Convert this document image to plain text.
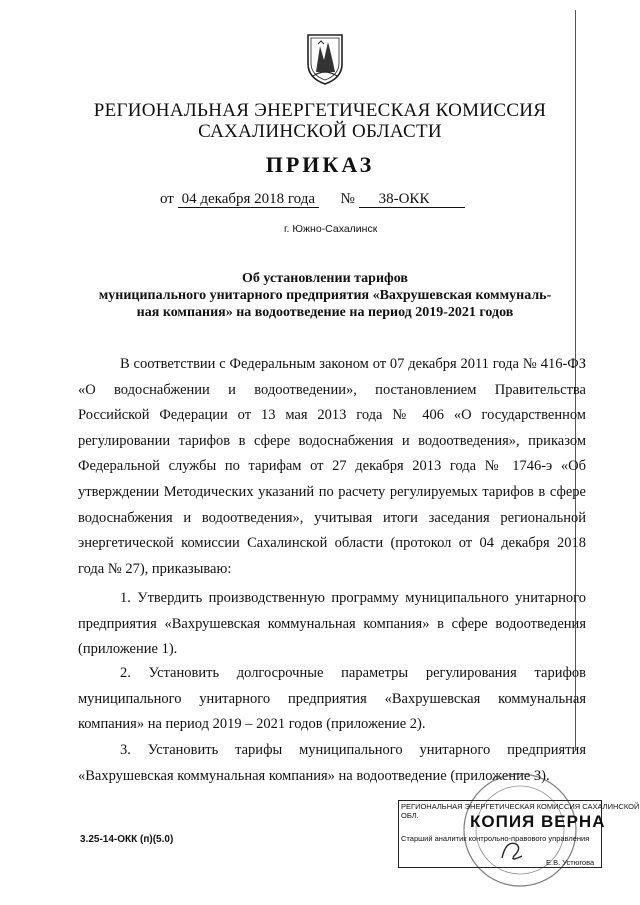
РЕГИОНАЛЬНАЯ ЭНЕРГЕТИЧЕСКАЯ КОМИССИЯ
САХАЛИНСКОЙ ОБЛАСТИ
ПРИКАЗ
от 04 декабря 2018 года № 38-ОКК
г. Южно-Сахалинск
Об установлении тарифов
муниципального унитарного предприятия «Вахрушевская коммуналь-
ная компания» на водоотведение на период 2019-2021 годов
В соответствии с Федеральным законом от 07 декабря 2011 года № 416-ФЗ «О водоснабжении и водоотведении», постановлением Правительства Российской Федерации от 13 мая 2013 года № 406 «О государственном регулировании тарифов в сфере водоснабжения и водоотведения», приказом Федеральной службы по тарифам от 27 декабря 2013 года № 1746-э «Об утверждении Методических указаний по расчету регулируемых тарифов в сфере водоснабжения и водоотведения», учитывая итоги заседания региональной энергетической комиссии Сахалинской области (протокол от 04 декабря 2018 года № 27), приказываю:
1. Утвердить производственную программу муниципального унитарного предприятия «Вахрушевская коммунальная компания» в сфере водоотведения (приложение 1).
2. Установить долгосрочные параметры регулирования тарифов муниципального унитарного предприятия «Вахрушевская коммунальная компания» на период 2019 – 2021 годов (приложение 2).
3. Установить тарифы муниципального унитарного предприятия «Вахрушевская коммунальная компания» на водоотведение (приложение 3).
3.25-14-ОКК (п)(5.0)
РЕГИОНАЛЬНАЯ ЭНЕРГЕТИЧЕСКАЯ КОМИССИЯ САХАЛИНСКОЙ ОБЛ.	КОПИЯ ВЕРНА
Старший аналитик контрольно-правового управления
Е.В. Устюгова
